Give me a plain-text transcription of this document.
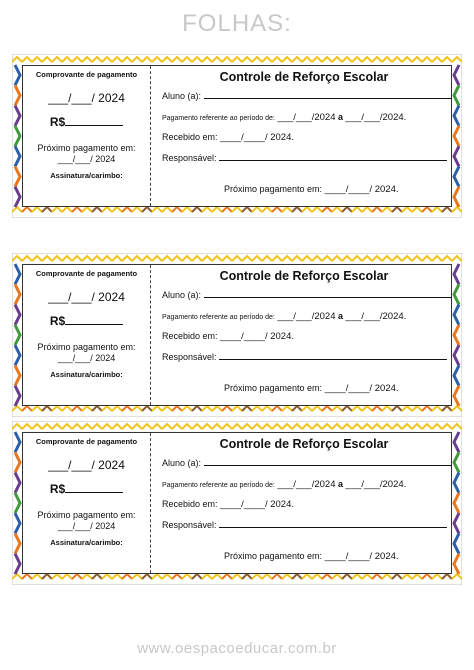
FOLHAS:
Comprovante de pagamento
___/___/ 2024
R$
Próximo pagamento em:
___/___/ 2024
Assinatura/carimbo:
Controle de Reforço Escolar
Aluno (a):
Pagamento referente ao período de: ___/___/2024 a ___/___/2024.
Recebido em: ____/____/ 2024.
Responsável:
Próximo pagamento em: ____/____/ 2024.
Comprovante de pagamento
___/___/ 2024
R$
Próximo pagamento em:
___/___/ 2024
Assinatura/carimbo:
Controle de Reforço Escolar
Aluno (a):
Pagamento referente ao período de: ___/___/2024 a ___/___/2024.
Recebido em: ____/____/ 2024.
Responsável:
Próximo pagamento em: ____/____/ 2024.
Comprovante de pagamento
___/___/ 2024
R$
Próximo pagamento em:
___/___/ 2024
Assinatura/carimbo:
Controle de Reforço Escolar
Aluno (a):
Pagamento referente ao período de: ___/___/2024 a ___/___/2024.
Recebido em: ____/____/ 2024.
Responsável:
Próximo pagamento em: ____/____/ 2024.
www.oespacoeducar.com.br
